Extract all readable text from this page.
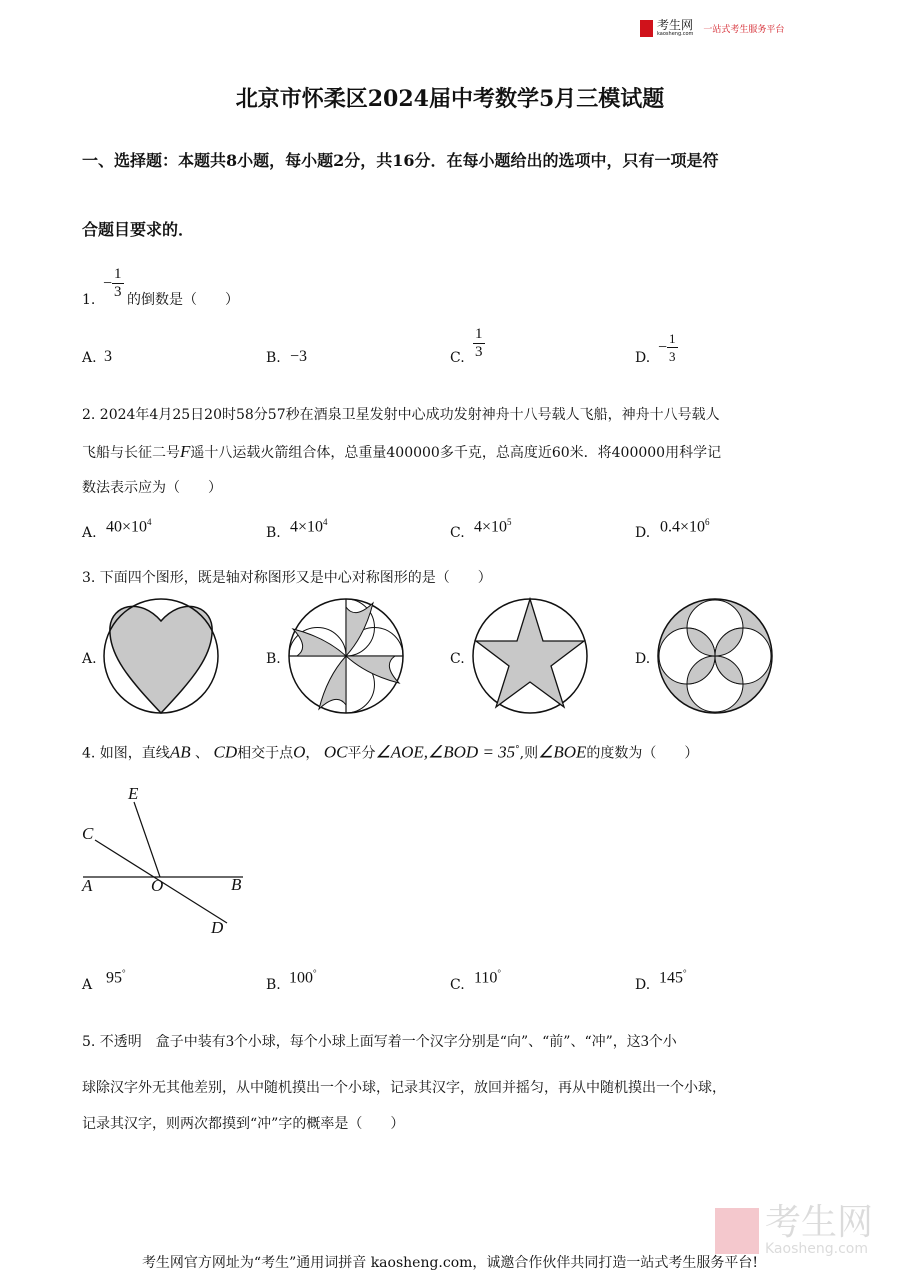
考生网
kaosheng.com 一站式考生服务平台
北京市怀柔区2024届中考数学5月三模试题
一、选择题：本题共8小题，每小题2分，共16分．在每小题给出的选项中，只有一项是符
合题目要求的．
1.
− $\frac{1}{3}$ 的倒数是（　　）
A. 3	B. −3	C. $\frac{1}{3}$	D.
− $\frac{1}{3}$
2. 2024年4月25日20时58分57秒在酒泉卫星发射中心成功发射神舟十八号载人飞船，神舟十八号载人
飞船与长征二号F遥十八运载火箭组合体，总重量400000多千克，总高度近60米．将400000用科学记
数法表示应为（　　）
A. $40\times 10^4$
B. $4\times 10^4$
C. $4\times 10^5$
D. $0.4\times 10^6$
3. 下面四个图形，既是轴对称图形又是中心对称图形的是（　　）
A.	B.	C.	D.
4. 如图，直线AB 、 CD相交于点O， OC平分∠AOE,∠BOD = 35°,则∠BOE的度数为（　　）
E
C
A	O	B
D
A 95°
B. 100°
C. 110°
D. 145°
5. 不透明　盒子中装有3个小球，每个小球上面写着一个汉字分别是“向”、“前”、“冲”，这3个小
球除汉字外无其他差别，从中随机摸出一个小球，记录其汉字，放回并摇匀，再从中随机摸出一个小球，
记录其汉字，则两次都摸到“冲”字的概率是（　　）
考生网
Kaosheng.com
考生网官方网址为“考生”通用词拼音 kaosheng.com，诚邀合作伙伴共同打造一站式考生服务平台!
